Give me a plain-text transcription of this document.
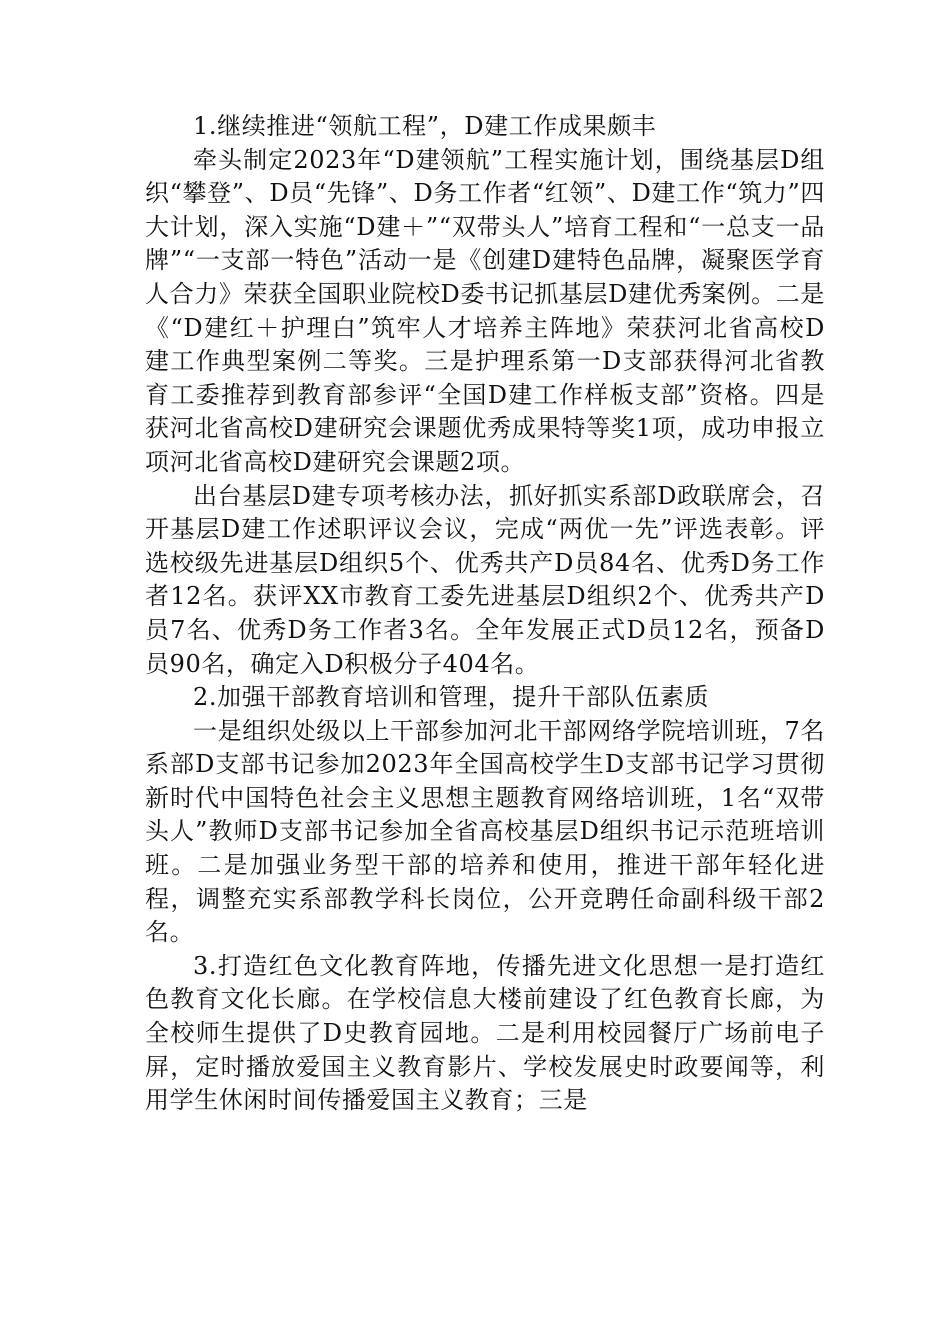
1.继续推进“领航工程”，D建工作成果颇丰

牵头制定2023年“D建领航”工程实施计划，围绕基层D组织“攀登”、D员“先锋”、D务工作者“红领”、D建工作“筑力”四大计划，深入实施“D建＋”“双带头人”培育工程和“一总支一品牌”“一支部一特色”活动一是《创建D建特色品牌，凝聚医学育人合力》荣获全国职业院校D委书记抓基层D建优秀案例。二是《“D建红＋护理白”筑牢人才培养主阵地》荣获河北省高校D建工作典型案例二等奖。三是护理系第一D支部获得河北省教育工委推荐到教育部参评“全国D建工作样板支部”资格。四是获河北省高校D建研究会课题优秀成果特等奖1项，成功申报立项河北省高校D建研究会课题2项。

出台基层D建专项考核办法，抓好抓实系部D政联席会，召开基层D建工作述职评议会议，完成“两优一先”评选表彰。评选校级先进基层D组织5个、优秀共产D员84名、优秀D务工作者12名。获评XX市教育工委先进基层D组织2个、优秀共产D员7名、优秀D务工作者3名。全年发展正式D员12名，预备D员90名，确定入D积极分子404名。

2.加强干部教育培训和管理，提升干部队伍素质

一是组织处级以上干部参加河北干部网络学院培训班，7名系部D支部书记参加2023年全国高校学生D支部书记学习贯彻新时代中国特色社会主义思想主题教育网络培训班，1名“双带头人”教师D支部书记参加全省高校基层D组织书记示范班培训班。二是加强业务型干部的培养和使用，推进干部年轻化进程，调整充实系部教学科长岗位，公开竞聘任命副科级干部2名。

3.打造红色文化教育阵地，传播先进文化思想一是打造红色教育文化长廊。在学校信息大楼前建设了红色教育长廊，为全校师生提供了D史教育园地。二是利用校园餐厅广场前电子屏，定时播放爱国主义教育影片、学校发展史时政要闻等，利用学生休闲时间传播爱国主义教育；三是
